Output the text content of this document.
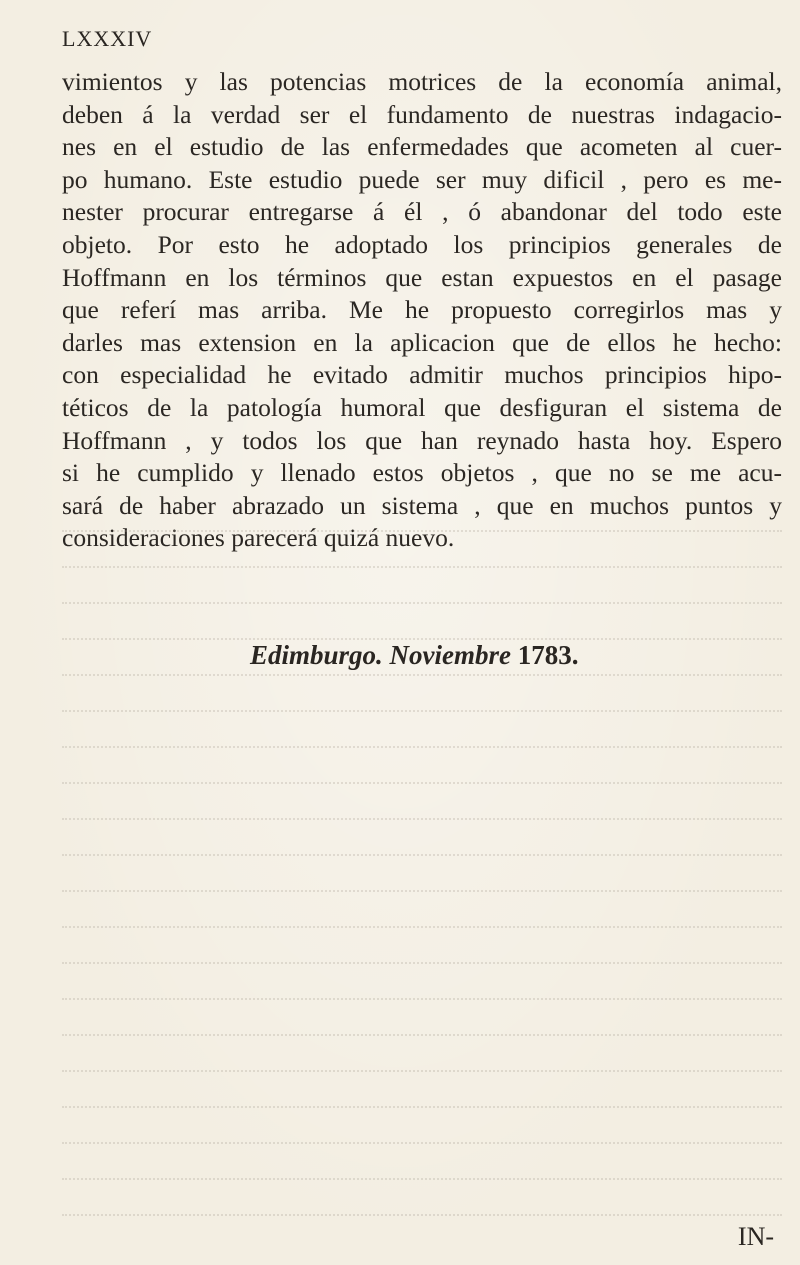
LXXXIV
vimientos y las potencias motrices de la economía animal,
deben á la verdad ser el fundamento de nuestras indagacio-
nes en el estudio de las enfermedades que acometen al cuer-
po humano. Este estudio puede ser muy dificil , pero es me-
nester procurar entregarse á él , ó abandonar del todo este
objeto. Por esto he adoptado los principios generales de
Hoffmann en los términos que estan expuestos en el pasage
que referí mas arriba. Me he propuesto corregirlos mas y
darles mas extension en la aplicacion que de ellos he hecho:
con especialidad he evitado admitir muchos principios hipo-
téticos de la patología humoral que desfiguran el sistema de
Hoffmann , y todos los que han reynado hasta hoy. Espero
si he cumplido y llenado estos objetos , que no se me acu-
sará de haber abrazado un sistema , que en muchos puntos y
consideraciones parecerá quizá nuevo.
Edimburgo. Noviembre 1783.
IN-
